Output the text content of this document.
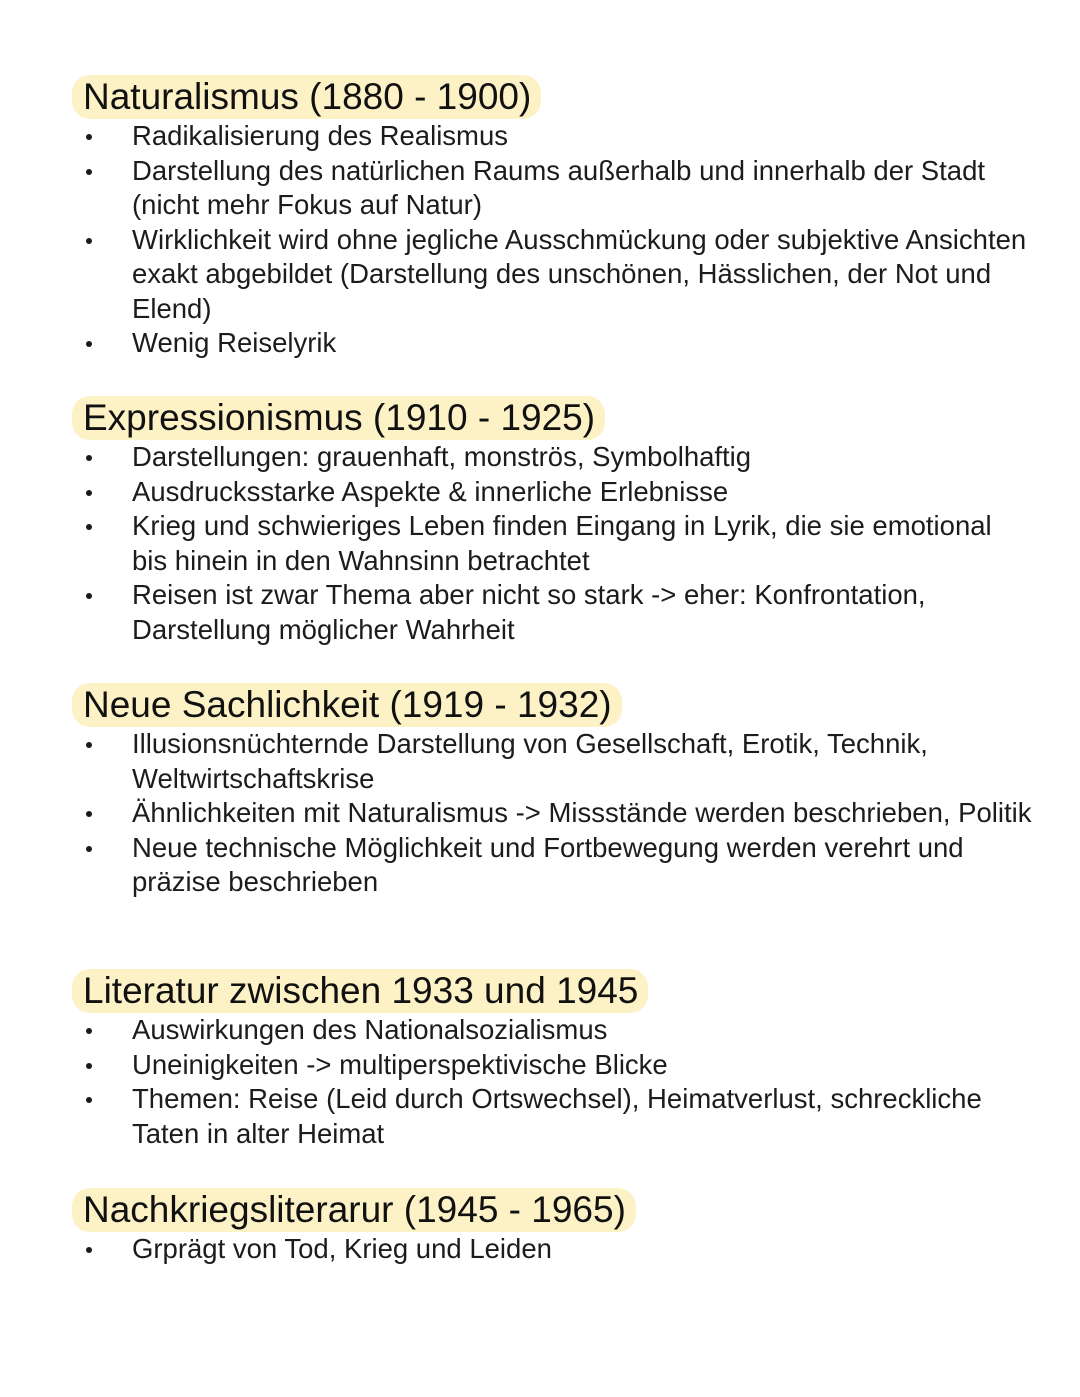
Naturalismus (1880 - 1900)
Radikalisierung des Realismus
Darstellung des natürlichen Raums außerhalb und innerhalb der Stadt (nicht mehr Fokus auf Natur)
Wirklichkeit wird ohne jegliche Ausschmückung oder subjektive Ansichten exakt abgebildet (Darstellung des unschönen, Hässlichen, der Not und Elend)
Wenig Reiselyrik
Expressionismus (1910 - 1925)
Darstellungen: grauenhaft, monströs, Symbolhaftig
Ausdrucksstarke Aspekte & innerliche Erlebnisse
Krieg und schwieriges Leben finden Eingang in Lyrik, die sie emotional bis hinein in den Wahnsinn betrachtet
Reisen ist zwar Thema aber nicht so stark -> eher: Konfrontation, Darstellung möglicher Wahrheit
Neue Sachlichkeit (1919 - 1932)
Illusionsnüchternde Darstellung von Gesellschaft, Erotik, Technik, Weltwirtschaftskrise
Ähnlichkeiten mit Naturalismus -> Missstände werden beschrieben, Politik
Neue technische Möglichkeit und Fortbewegung werden verehrt und präzise beschrieben
Literatur zwischen 1933 und 1945
Auswirkungen des Nationalsozialismus
Uneinigkeiten -> multiperspektivische Blicke
Themen: Reise (Leid durch Ortswechsel), Heimatverlust, schreckliche Taten in alter Heimat
Nachkriegsliterarur (1945 - 1965)
Grprägt von Tod, Krieg und Leiden
